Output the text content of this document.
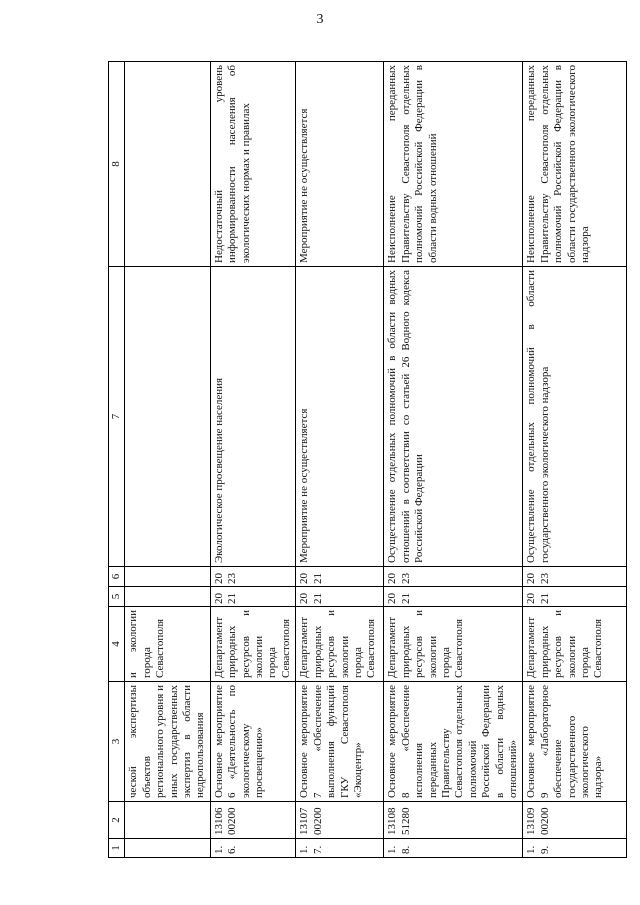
3
1	2	3	4	5	6	7	8
		ческой экспертизы объектов регионального уровня и иных государственных экспертиз в области недропользования	и экологии города Севастополя				
1.6.	13106 00200	Основное мероприятие 6 «Деятельность по экологическому просвещению»	Департамент природных ресурсов и экологии города Севастополя	2021	2023	Экологическое просвещение населения	Недостаточный уровень информированности населения об экологических нормах и правилах
1.7.	13107 00200	Основное мероприятие 7 «Обеспечение выполнения функций ГКУ Севастополя «Экоцентр»	Департамент природных ресурсов и экологии города Севастополя	2021	2021	Мероприятие не осуществляется	Мероприятие не осуществляется
1.8.	13108 51280	Основное мероприятие 8 «Обеспечение исполнения переданных Правительству Севастополя отдельных полномочий Российской Федерации в области водных отношений»	Департамент природных ресурсов и экологии города Севастополя	2021	2023	Осуществление отдельных полномочий в области водных отношений в соответствии со статьей 26 Водного кодекса Российской Федерации	Неисполнение переданных Правительству Севастополя отдельных полномочий Российской Федерации в области водных отношений
1.9.	13109 00200	Основное мероприятие 9 «Лабораторное обеспечение государственного экологического надзора»	Департамент природных ресурсов и экологии города Севастополя	2021	2023	Осуществление отдельных полномочий в области государственного экологического надзора	Неисполнение переданных Правительству Севастополя отдельных полномочий Российской Федерации в области государственного экологического надзора
